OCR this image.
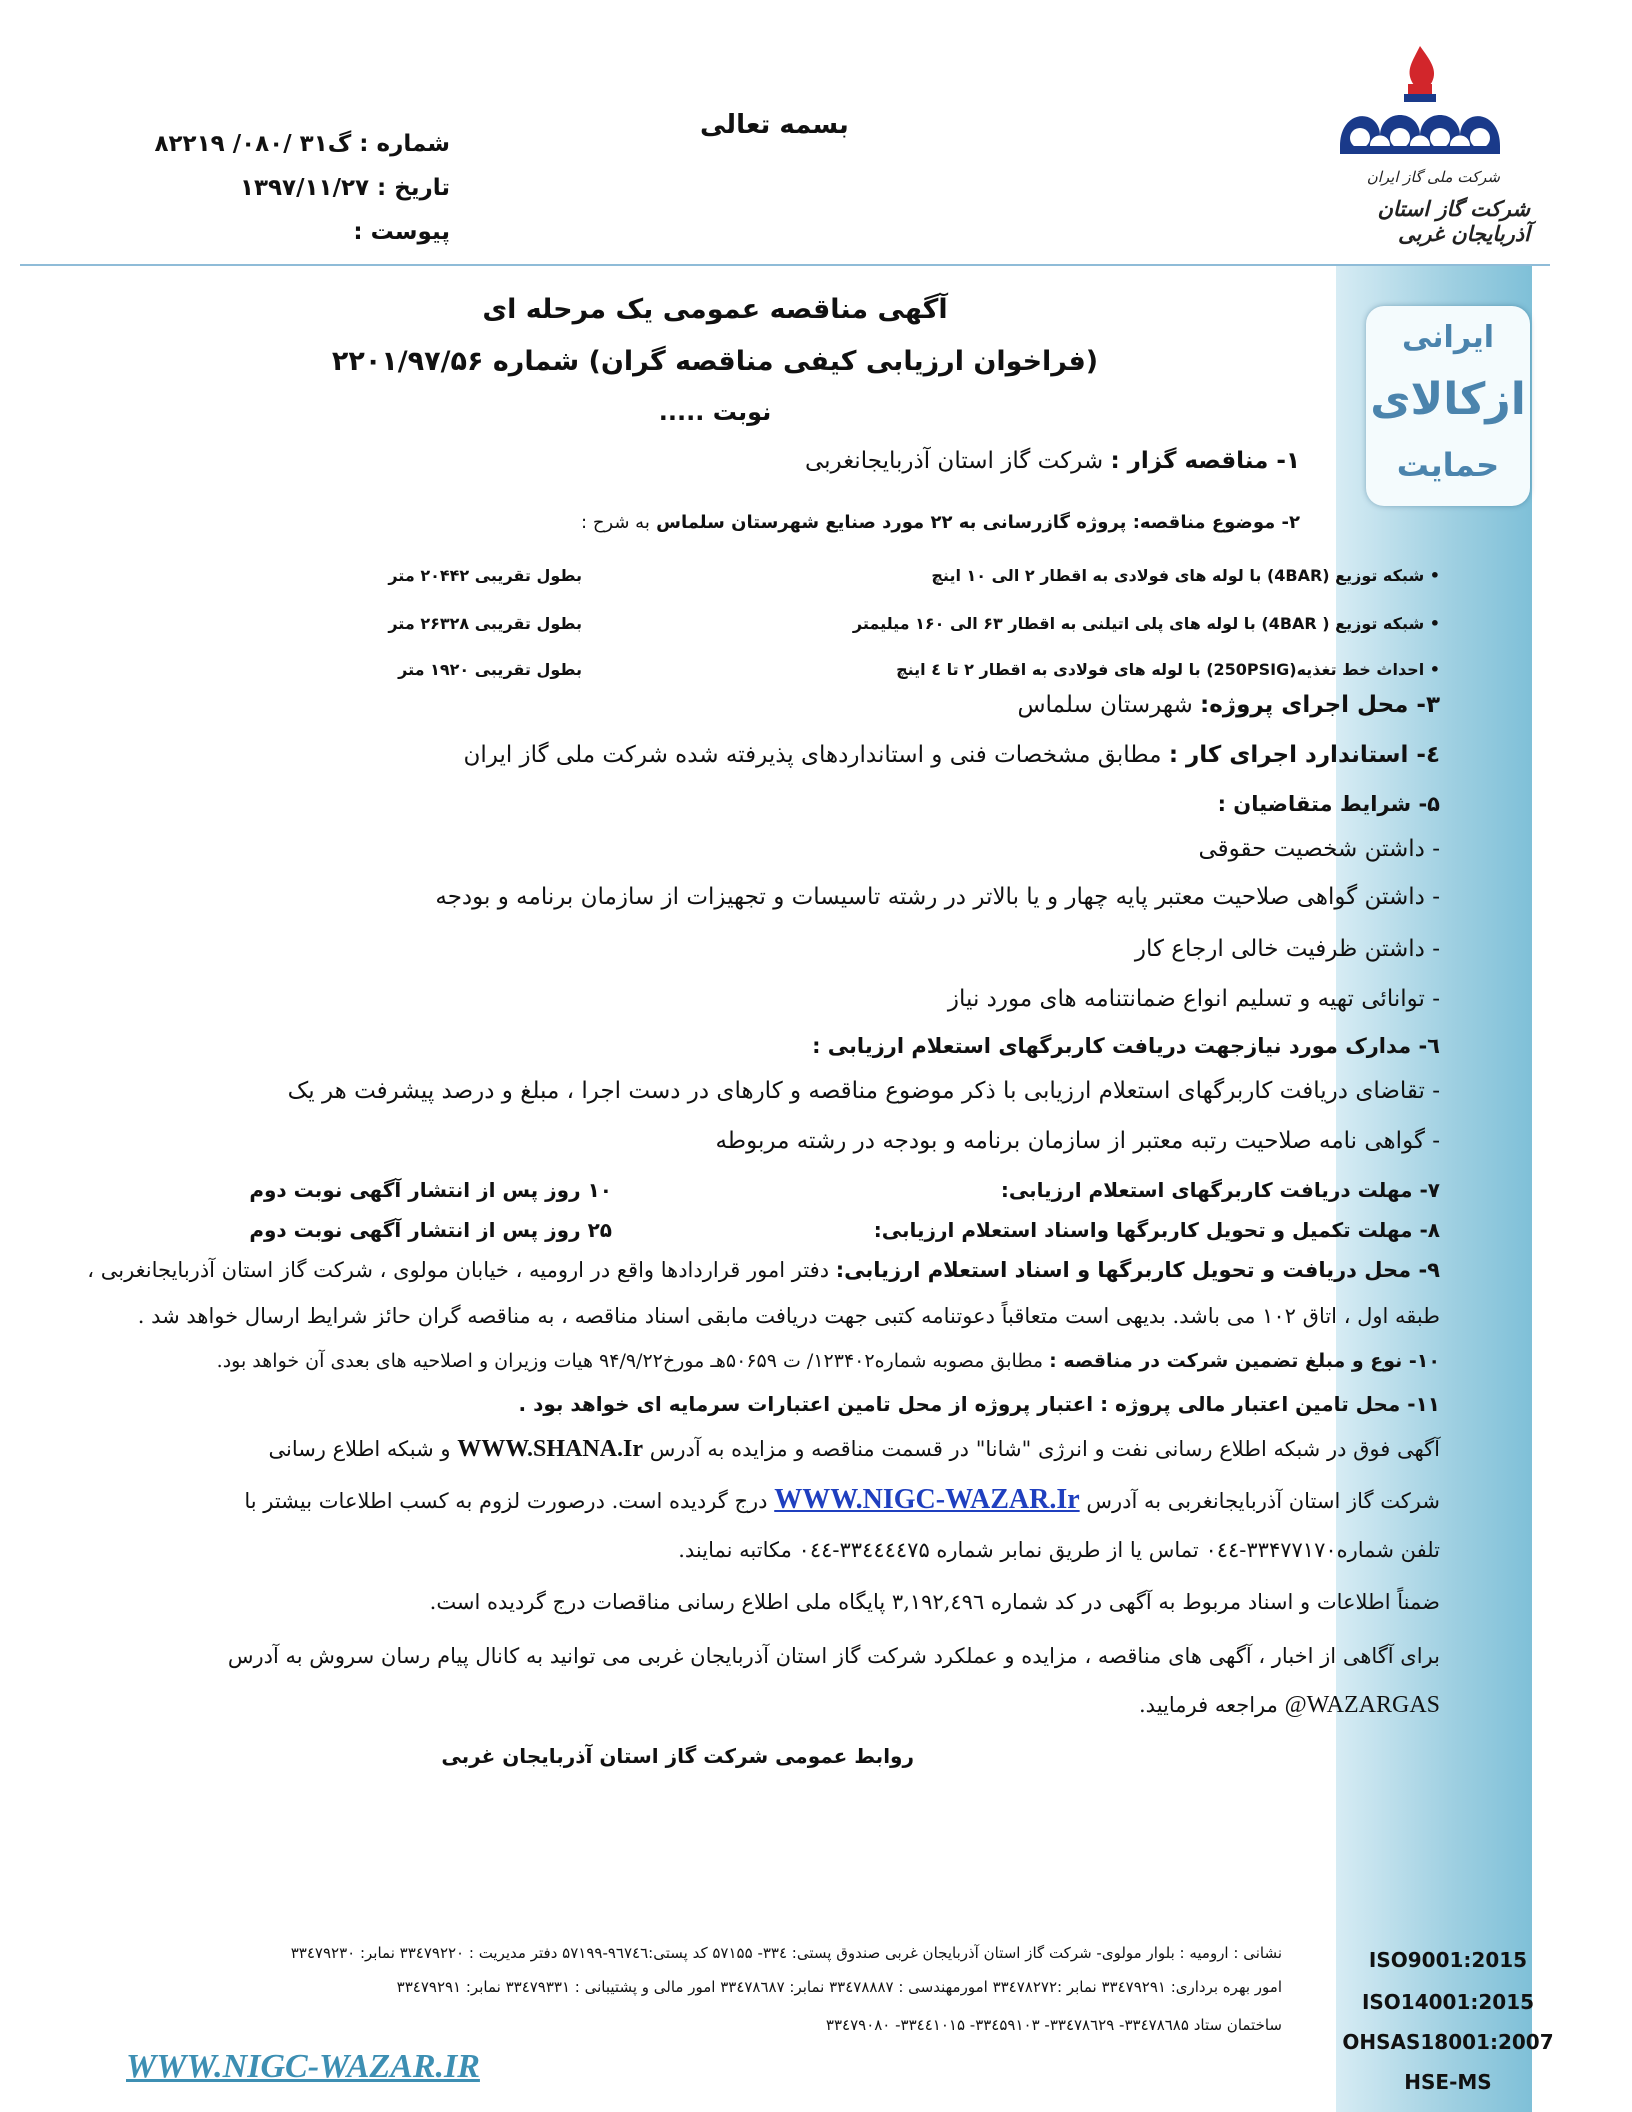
بسمه تعالی
شماره : گ۳۱ /۰۸۰/ ۸۲۲۱۹
تاریخ : ۱۳۹۷/۱۱/۲۷
پیوست :
شرکت ملی گاز ایران
شرکت گاز استان آذربایجان غربی
ایرانی
ازکالای
حمایت
آگهی مناقصه عمومی یک مرحله ای
(فراخوان ارزیابی کیفی مناقصه گران) شماره ۲۲۰۱/۹۷/۵۶
نوبت .....
۱- مناقصه گزار : شرکت گاز استان آذربایجانغربی
۲- موضوع مناقصه: پروژه گازرسانی به ۲۲ مورد صنایع شهرستان سلماس به شرح :
• شبکه توزیع (4BAR) با لوله های فولادی به اقطار ۲ الی ۱۰ اینچ
بطول تقریبی ۲۰۴۴۲ متر
• شبکه توزیع ( 4BAR) با لوله های پلی اتیلنی به اقطار ۶۳ الی ۱۶۰ میلیمتر
بطول تقریبی ۲۶۳۲۸ متر
• احداث خط تغذیه(250PSIG) با لوله های فولادی به اقطار ۲ تا ٤ اینچ
بطول تقریبی ۱۹۲۰ متر
۳- محل اجرای پروژه: شهرستان سلماس
٤- استاندارد اجرای کار : مطابق مشخصات فنی و استانداردهای پذیرفته شده شرکت ملی گاز ایران
۵- شرایط متقاضیان :
- داشتن شخصیت حقوقی
- داشتن گواهی صلاحیت معتبر پایه چهار و یا بالاتر در رشته تاسیسات و تجهیزات از سازمان برنامه و بودجه
- داشتن ظرفیت خالی ارجاع کار
- توانائی تهیه و تسلیم انواع ضمانتنامه های مورد نیاز
٦- مدارک مورد نیازجهت دریافت کاربرگهای استعلام ارزیابی :
- تقاضای دریافت کاربرگهای استعلام ارزیابی با ذکر موضوع مناقصه و کارهای در دست اجرا ، مبلغ و درصد پیشرفت هر یک
- گواهی نامه صلاحیت رتبه معتبر از سازمان برنامه و بودجه در رشته مربوطه
۷- مهلت دریافت کاربرگهای استعلام ارزیابی:
۱۰ روز پس از انتشار آگهی نوبت دوم
۸- مهلت تکمیل و تحویل کاربرگها واسناد استعلام ارزیابی:
۲۵ روز پس از انتشار آگهی نوبت دوم
۹- محل دریافت و تحویل کاربرگها و اسناد استعلام ارزیابی: دفتر امور قراردادها واقع در ارومیه ، خیابان مولوی ، شرکت گاز استان آذربایجانغربی ،
طبقه اول ، اتاق ۱۰۲ می باشد. بدیهی است متعاقباً دعوتنامه کتبی جهت دریافت مابقی اسناد مناقصه ، به مناقصه گران حائز شرایط ارسال خواهد شد .
۱۰- نوع و مبلغ تضمین شرکت در مناقصه : مطابق مصوبه شماره۱۲۳۴۰۲/ ت ۵۰۶۵۹هـ مورخ۹۴/۹/۲۲ هیات وزیران و اصلاحیه های بعدی آن خواهد بود.
۱۱- محل تامین اعتبار مالی پروژه : اعتبار پروژه از محل تامین اعتبارات سرمایه ای خواهد بود .
آگهی فوق در شبکه اطلاع رسانی نفت و انرژی "شانا" در قسمت مناقصه و مزایده به آدرس WWW.SHANA.Ir و شبکه اطلاع رسانی
شرکت گاز استان آذربایجانغربی به آدرس WWW.NIGC-WAZAR.Ir درج گردیده است. درصورت لزوم به کسب اطلاعات بیشتر با
تلفن شماره۳۳۴۷۷۱۷۰-۰٤٤ تماس یا از طریق نمابر شماره ۳۳٤٤٤٤۷۵-۰٤٤ مکاتبه نمایند.
ضمناً اطلاعات و اسناد مربوط به آگهی در کد شماره ۳,۱۹۲,٤۹٦ پایگاه ملی اطلاع رسانی مناقصات درج گردیده است.
برای آگاهی از اخبار ، آگهی های مناقصه ، مزایده و عملکرد شرکت گاز استان آذربایجان غربی می توانید به کانال پیام رسان سروش به آدرس
@WAZARGAS مراجعه فرمایید.
روابط عمومی شرکت گاز استان آذربایجان غربی
نشانی : ارومیه : بلوار مولوی- شرکت گاز استان آذربایجان غربی صندوق پستی: ۳۳٤- ۵۷۱۵۵ کد پستی:۹٦۷٤٦-۵۷۱۹۹ دفتر مدیریت : ۳۳٤۷۹۲۲۰ نمابر: ۳۳٤۷۹۲۳۰
امور بهره برداری: ۳۳٤۷۹۲۹۱ نمابر :۳۳٤۷۸۲۷۲ امورمهندسی : ۳۳٤۷۸۸۸۷ نمابر: ۳۳٤۷۸٦۸۷ امور مالی و پشتیبانی : ۳۳٤۷۹۳۳۱ نمابر: ۳۳٤۷۹۲۹۱
ساختمان ستاد ۳۳٤۷۸٦۸۵- ۳۳٤۷۸٦۲۹- ۳۳٤۵۹۱۰۳- ۳۳٤٤۱۰۱۵- ۳۳٤۷۹۰۸۰
WWW.NIGC-WAZAR.IR
ISO9001:2015
ISO14001:2015
OHSAS18001:2007
HSE-MS
